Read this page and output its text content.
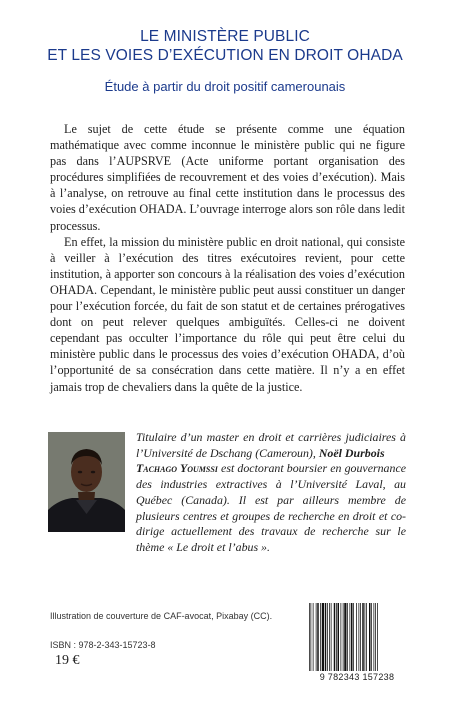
LE MINISTÈRE PUBLIC
ET LES VOIES D’EXÉCUTION EN DROIT OHADA
Étude à partir du droit positif camerounais

Le sujet de cette étude se présente comme une équation mathématique avec comme inconnue le ministère public qui ne figure pas dans l’AUPSRVE (Acte uniforme portant organisation des procédures simplifiées de recouvrement et des voies d’exécution). Mais à l’analyse, on retrouve au final cette institution dans le processus des voies d’exécution OHADA. L’ouvrage interroge alors son rôle dans ledit processus.

En effet, la mission du ministère public en droit national, qui consiste à veiller à l’exécution des titres exécutoires revient, pour cette institution, à apporter son concours à la réalisation des voies d’exécution OHADA. Cependant, le ministère public peut aussi constituer un danger pour l’exécution forcée, du fait de son statut et de certaines prérogatives dont on peut relever quelques ambiguïtés. Celles-ci ne doivent cependant pas occulter l’importance du rôle qui peut être celui du ministère public dans le processus des voies d’exécution OHADA, d’où l’opportunité de sa consécration dans cette matière. Il n’y a en effet jamais trop de chevaliers dans la quête de la justice.

Titulaire d’un master en droit et carrières judiciaires à l’Université de Dschang (Cameroun), Noël Durbois
Tachago Youmssi est doctorant boursier en gouvernance des industries extractives à l’Université Laval, au Québec (Canada). Il est par ailleurs membre de plusieurs centres et groupes de recherche en droit et co-dirige actuellement des travaux de recherche sur le thème « Le droit et l’abus ».
Illustration de couverture de CAF-avocat, Pixabay (CC).
ISBN : 978-2-343-15723-8
19 €
9 782343 157238
